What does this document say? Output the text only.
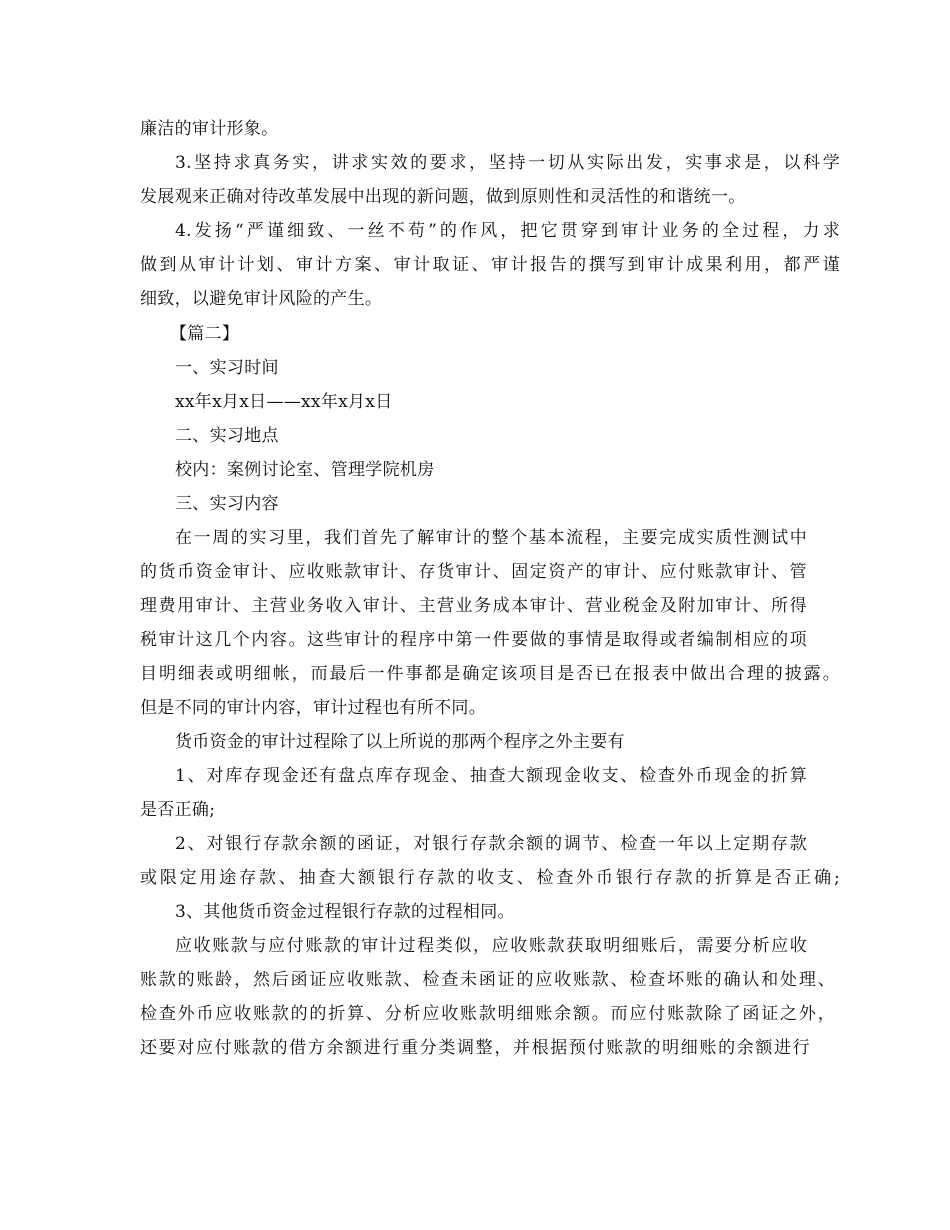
廉洁的审计形象。
3.坚持求真务实，讲求实效的要求，坚持一切从实际出发，实事求是，以科学
发展观来正确对待改革发展中出现的新问题，做到原则性和灵活性的和谐统一。
4.发扬“严谨细致、一丝不苟”的作风，把它贯穿到审计业务的全过程，力求
做到从审计计划、审计方案、审计取证、审计报告的撰写到审计成果利用，都严谨
细致，以避免审计风险的产生。
【篇二】
一、实习时间
xx年x月x日——xx年x月x日
二、实习地点
校内：案例讨论室、管理学院机房
三、实习内容
在一周的实习里，我们首先了解审计的整个基本流程，主要完成实质性测试中
的货币资金审计、应收账款审计、存货审计、固定资产的审计、应付账款审计、管
理费用审计、主营业务收入审计、主营业务成本审计、营业税金及附加审计、所得
税审计这几个内容。这些审计的程序中第一件要做的事情是取得或者编制相应的项
目明细表或明细帐，而最后一件事都是确定该项目是否已在报表中做出合理的披露。
但是不同的审计内容，审计过程也有所不同。
货币资金的审计过程除了以上所说的那两个程序之外主要有
1、对库存现金还有盘点库存现金、抽查大额现金收支、检查外币现金的折算
是否正确;
2、对银行存款余额的函证，对银行存款余额的调节、检查一年以上定期存款
或限定用途存款、抽查大额银行存款的收支、检查外币银行存款的折算是否正确;
3、其他货币资金过程银行存款的过程相同。
应收账款与应付账款的审计过程类似，应收账款获取明细账后，需要分析应收
账款的账龄，然后函证应收账款、检查未函证的应收账款、检查坏账的确认和处理、
检查外币应收账款的的折算、分析应收账款明细账余额。而应付账款除了函证之外，
还要对应付账款的借方余额进行重分类调整，并根据预付账款的明细账的余额进行
